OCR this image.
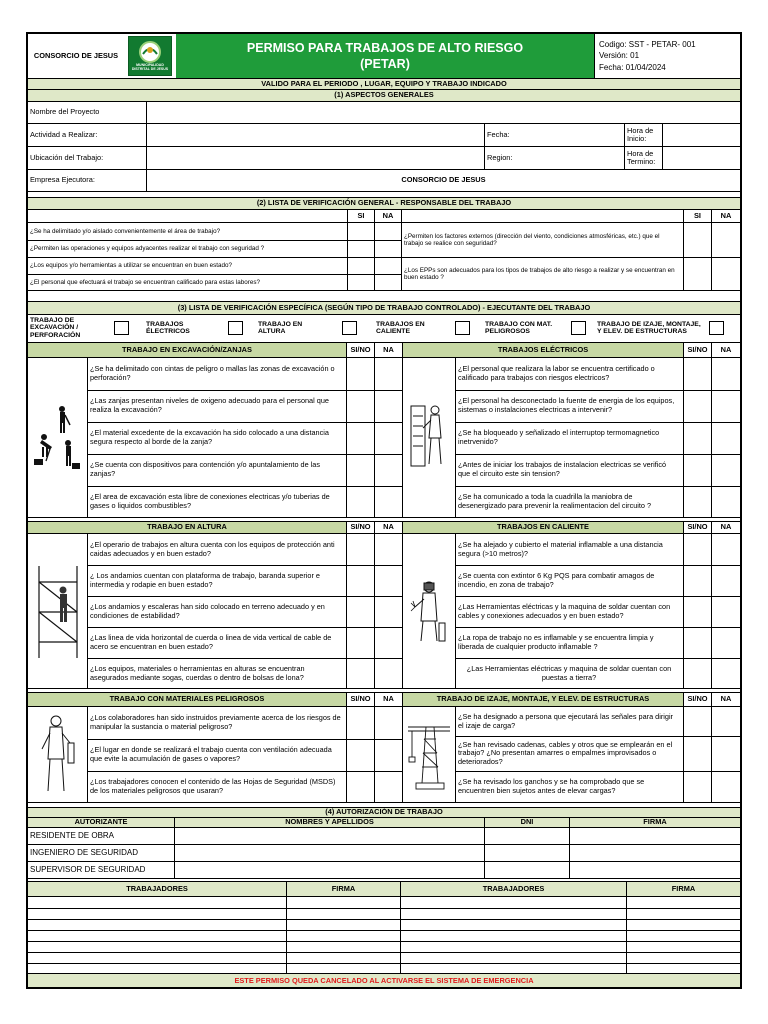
CONSORCIO DE JESUS
MUNICIPALIDAD DISTRITAL DE JESUS
PERMISO PARA TRABAJOS DE ALTO RIESGO
(PETAR)
Codigo: SST - PETAR- 001
Versión: 01
Fecha: 01/04/2024
VALIDO PARA EL PERIODO , LUGAR, EQUIPO Y TRABAJO INDICADO
(1) ASPECTOS GENERALES
Nombre del Proyecto
Actividad a Realizar:	Fecha:	Hora de Inicio:
Ubicación del Trabajo:	Region:	Hora de Termino:
Empresa Ejecutora:	CONSORCIO DE JESUS
(2) LISTA DE VERIFICACIÓN GENERAL - RESPONSABLE DEL TRABAJO
SI	NA	SI	NA
¿Se ha delimitado y/o aislado convenientemente el área de trabajo?
¿Permiten las operaciones y equipos adyacentes realizar el trabajo con seguridad ?
¿Los equipos y/o herramientas a utilizar se encuentran en buen estado?
¿El personal que efectuará el trabajo se encuentran calificado para estas labores?
¿Permiten los factores externos (dirección del viento, condiciones atmosféricas, etc.) que el trabajo se realice con seguridad?
¿Los EPPs son adecuados para los tipos de trabajos de alto riesgo a realizar y se encuentran en buen estado ?
(3) LISTA DE VERIFICACIÓN ESPECÍFICA (SEGÚN TIPO DE TRABAJO CONTROLADO) - EJECUTANTE DEL TRABAJO
TRABAJO DE EXCAVACIÓN / PERFORACIÓN
TRABAJOS ÉLECTRICOS
TRABAJO EN ALTURA
TRABAJOS EN CALIENTE
TRABAJO CON MAT. PELIGROSOS
TRABAJO DE IZAJE, MONTAJE, Y ELEV. DE ESTRUCTURAS
TRABAJO EN EXCAVACIÓN/ZANJAS	SI/NO	NA	TRABAJOS ELÉCTRICOS	SI/NO	NA
¿Se ha delimitado con cintas de peligro o mallas las zonas de excavación o perforación?
¿Las zanjas presentan niveles de oxigeno adecuado para el personal que realiza la excavación?
¿El material excedente de la excavación ha sido colocado a una distancia segura respecto al borde de la zanja?
¿Se cuenta con dispositivos para contención y/o apuntalamiento de las zanjas?
¿El area de excavación esta libre de conexiones electricas y/o tuberias de gases o liquidos combustibles?
¿El personal que realizara la labor se encuentra certificado o calificado para trabajos con riesgos electricos?
¿El personal ha desconectado la fuente de energia de los equipos, sistemas o instalaciones electricas a intervenir?
¿Se ha bloqueado y señalizado el interruptop termomagnetico inetrvenido?
¿Antes de iniciar los trabajos de instalacion electricas se verificó que el circuito este sin tension?
¿Se ha comunicado a toda la cuadrilla la maniobra de desenergizado para prevenir la realimentacion del circuito ?
TRABAJO EN ALTURA	SI/NO	NA	TRABAJOS EN CALIENTE	SI/NO	NA
¿El operario de trabajos en altura cuenta con los equipos de protección anti caidas adecuados y en buen estado?
¿ Los andamios cuentan con plataforma de trabajo, baranda superior e intermedia y rodapie en buen estado?
¿Los andamios y escaleras han sido colocado en terreno adecuado y en condiciones de estabilidad?
¿Las linea de vida horizontal de cuerda o linea de vida vertical de cable de acero se encuentran en buen estado?
¿Los equipos, materiales o herramientas en alturas se encuentran asegurados mediante sogas, cuerdas o dentro de bolsas de lona?
¿Se ha alejado y cubierto el material inflamable a una distancia segura (>10 metros)?
¿Se cuenta con extintor 6 Kg PQS para combatir amagos de incendio, en zona de trabajo?
¿Las Herramientas eléctricas y la maquina de soldar cuentan con cables y conexiones adecuados y en buen estado?
¿La ropa de trabajo no es inflamable y se encuentra limpia y liberada de cualquier producto inflamable ?
¿Las Herramientas eléctricas y maquina de soldar cuentan con puestas a tierra?
TRABAJO CON MATERIALES PELIGROSOS	SI/NO	NA	TRABAJO DE IZAJE, MONTAJE, Y ELEV. DE ESTRUCTURAS	SI/NO	NA
¿Los colaboradores han sido instruidos previamente acerca de los riesgos de manipular la sustancia o material peligroso?
¿El lugar en donde se realizará el trabajo cuenta con ventilación adecuada que evite la acumulación de gases o vapores?
¿Los trabajadores conocen el contenido de las Hojas de Seguridad (MSDS) de los materiales peligrosos que usaran?
¿Se ha designado a persona que ejecutará las señales para dirigir el izaje de carga?
¿Se han revisado cadenas, cables y otros que se emplearán en el trabajo? ¿No presentan amarres o empalmes improvisados o deteriorados?
¿Se ha revisado los ganchos y se ha comprobado que se encuentren bien sujetos antes de elevar cargas?
(4) AUTORIZACIÓN DE TRABAJO
AUTORIZANTE	NOMBRES Y APELLIDOS	DNI	FIRMA
RESIDENTE DE OBRA
INGENIERO DE SEGURIDAD
SUPERVISOR DE SEGURIDAD
TRABAJADORES	FIRMA	TRABAJADORES	FIRMA
ESTE PERMISO QUEDA CANCELADO AL ACTIVARSE EL SISTEMA DE EMERGENCIA
